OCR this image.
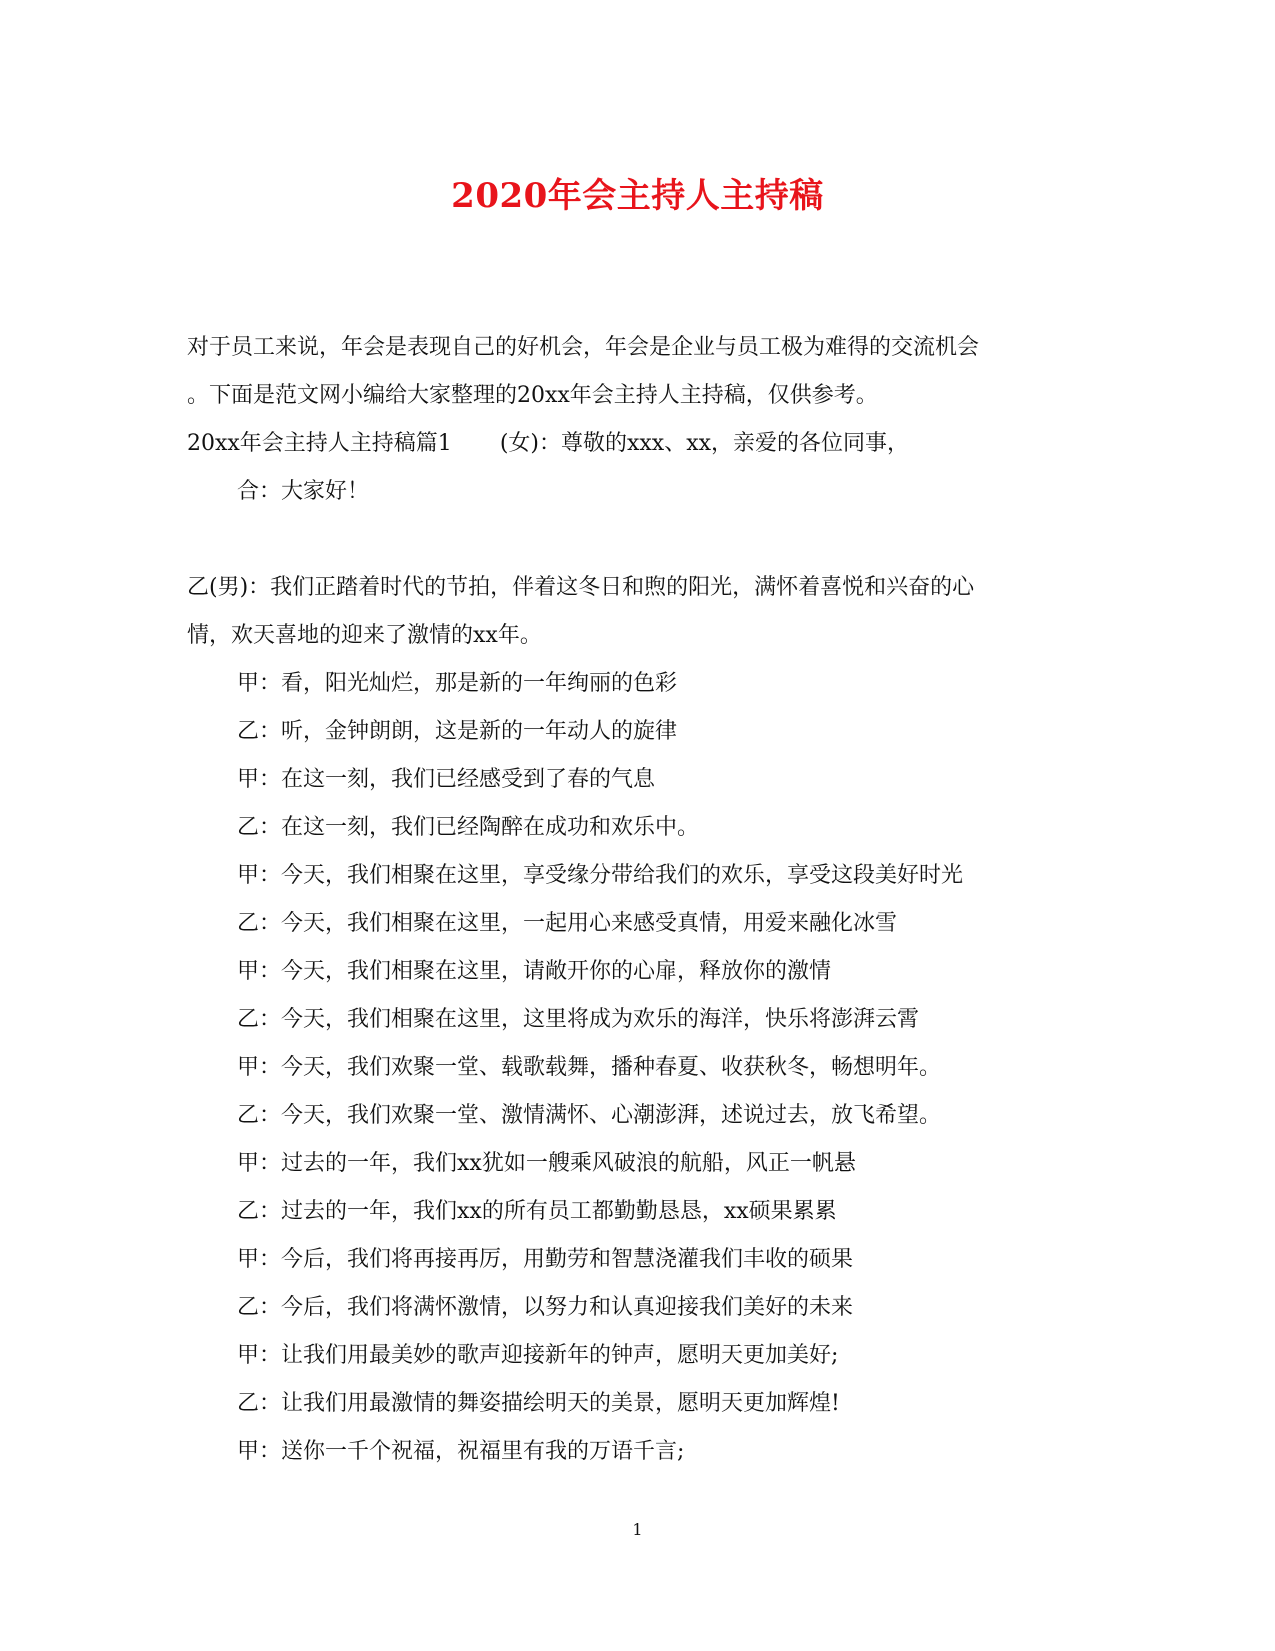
2020年会主持人主持稿
对于员工来说，年会是表现自己的好机会，年会是企业与员工极为难得的交流机会
。下面是范文网小编给大家整理的20xx年会主持人主持稿，仅供参考。
20xx年会主持人主持稿篇1 (女)：尊敬的xxx、xx，亲爱的各位同事，
合：大家好！
乙(男)：我们正踏着时代的节拍，伴着这冬日和煦的阳光，满怀着喜悦和兴奋的心
情，欢天喜地的迎来了激情的xx年。
甲：看，阳光灿烂，那是新的一年绚丽的色彩
乙：听，金钟朗朗，这是新的一年动人的旋律
甲：在这一刻，我们已经感受到了春的气息
乙：在这一刻，我们已经陶醉在成功和欢乐中。
甲：今天，我们相聚在这里，享受缘分带给我们的欢乐，享受这段美好时光
乙：今天，我们相聚在这里，一起用心来感受真情，用爱来融化冰雪
甲：今天，我们相聚在这里，请敞开你的心扉，释放你的激情
乙：今天，我们相聚在这里，这里将成为欢乐的海洋，快乐将澎湃云霄
甲：今天，我们欢聚一堂、载歌载舞，播种春夏、收获秋冬，畅想明年。
乙：今天，我们欢聚一堂、激情满怀、心潮澎湃，述说过去，放飞希望。
甲：过去的一年，我们xx犹如一艘乘风破浪的航船，风正一帆悬
乙：过去的一年，我们xx的所有员工都勤勤恳恳，xx硕果累累
甲：今后，我们将再接再厉，用勤劳和智慧浇灌我们丰收的硕果
乙：今后，我们将满怀激情，以努力和认真迎接我们美好的未来
甲：让我们用最美妙的歌声迎接新年的钟声，愿明天更加美好;
乙：让我们用最激情的舞姿描绘明天的美景，愿明天更加辉煌!
甲：送你一千个祝福，祝福里有我的万语千言;
1
